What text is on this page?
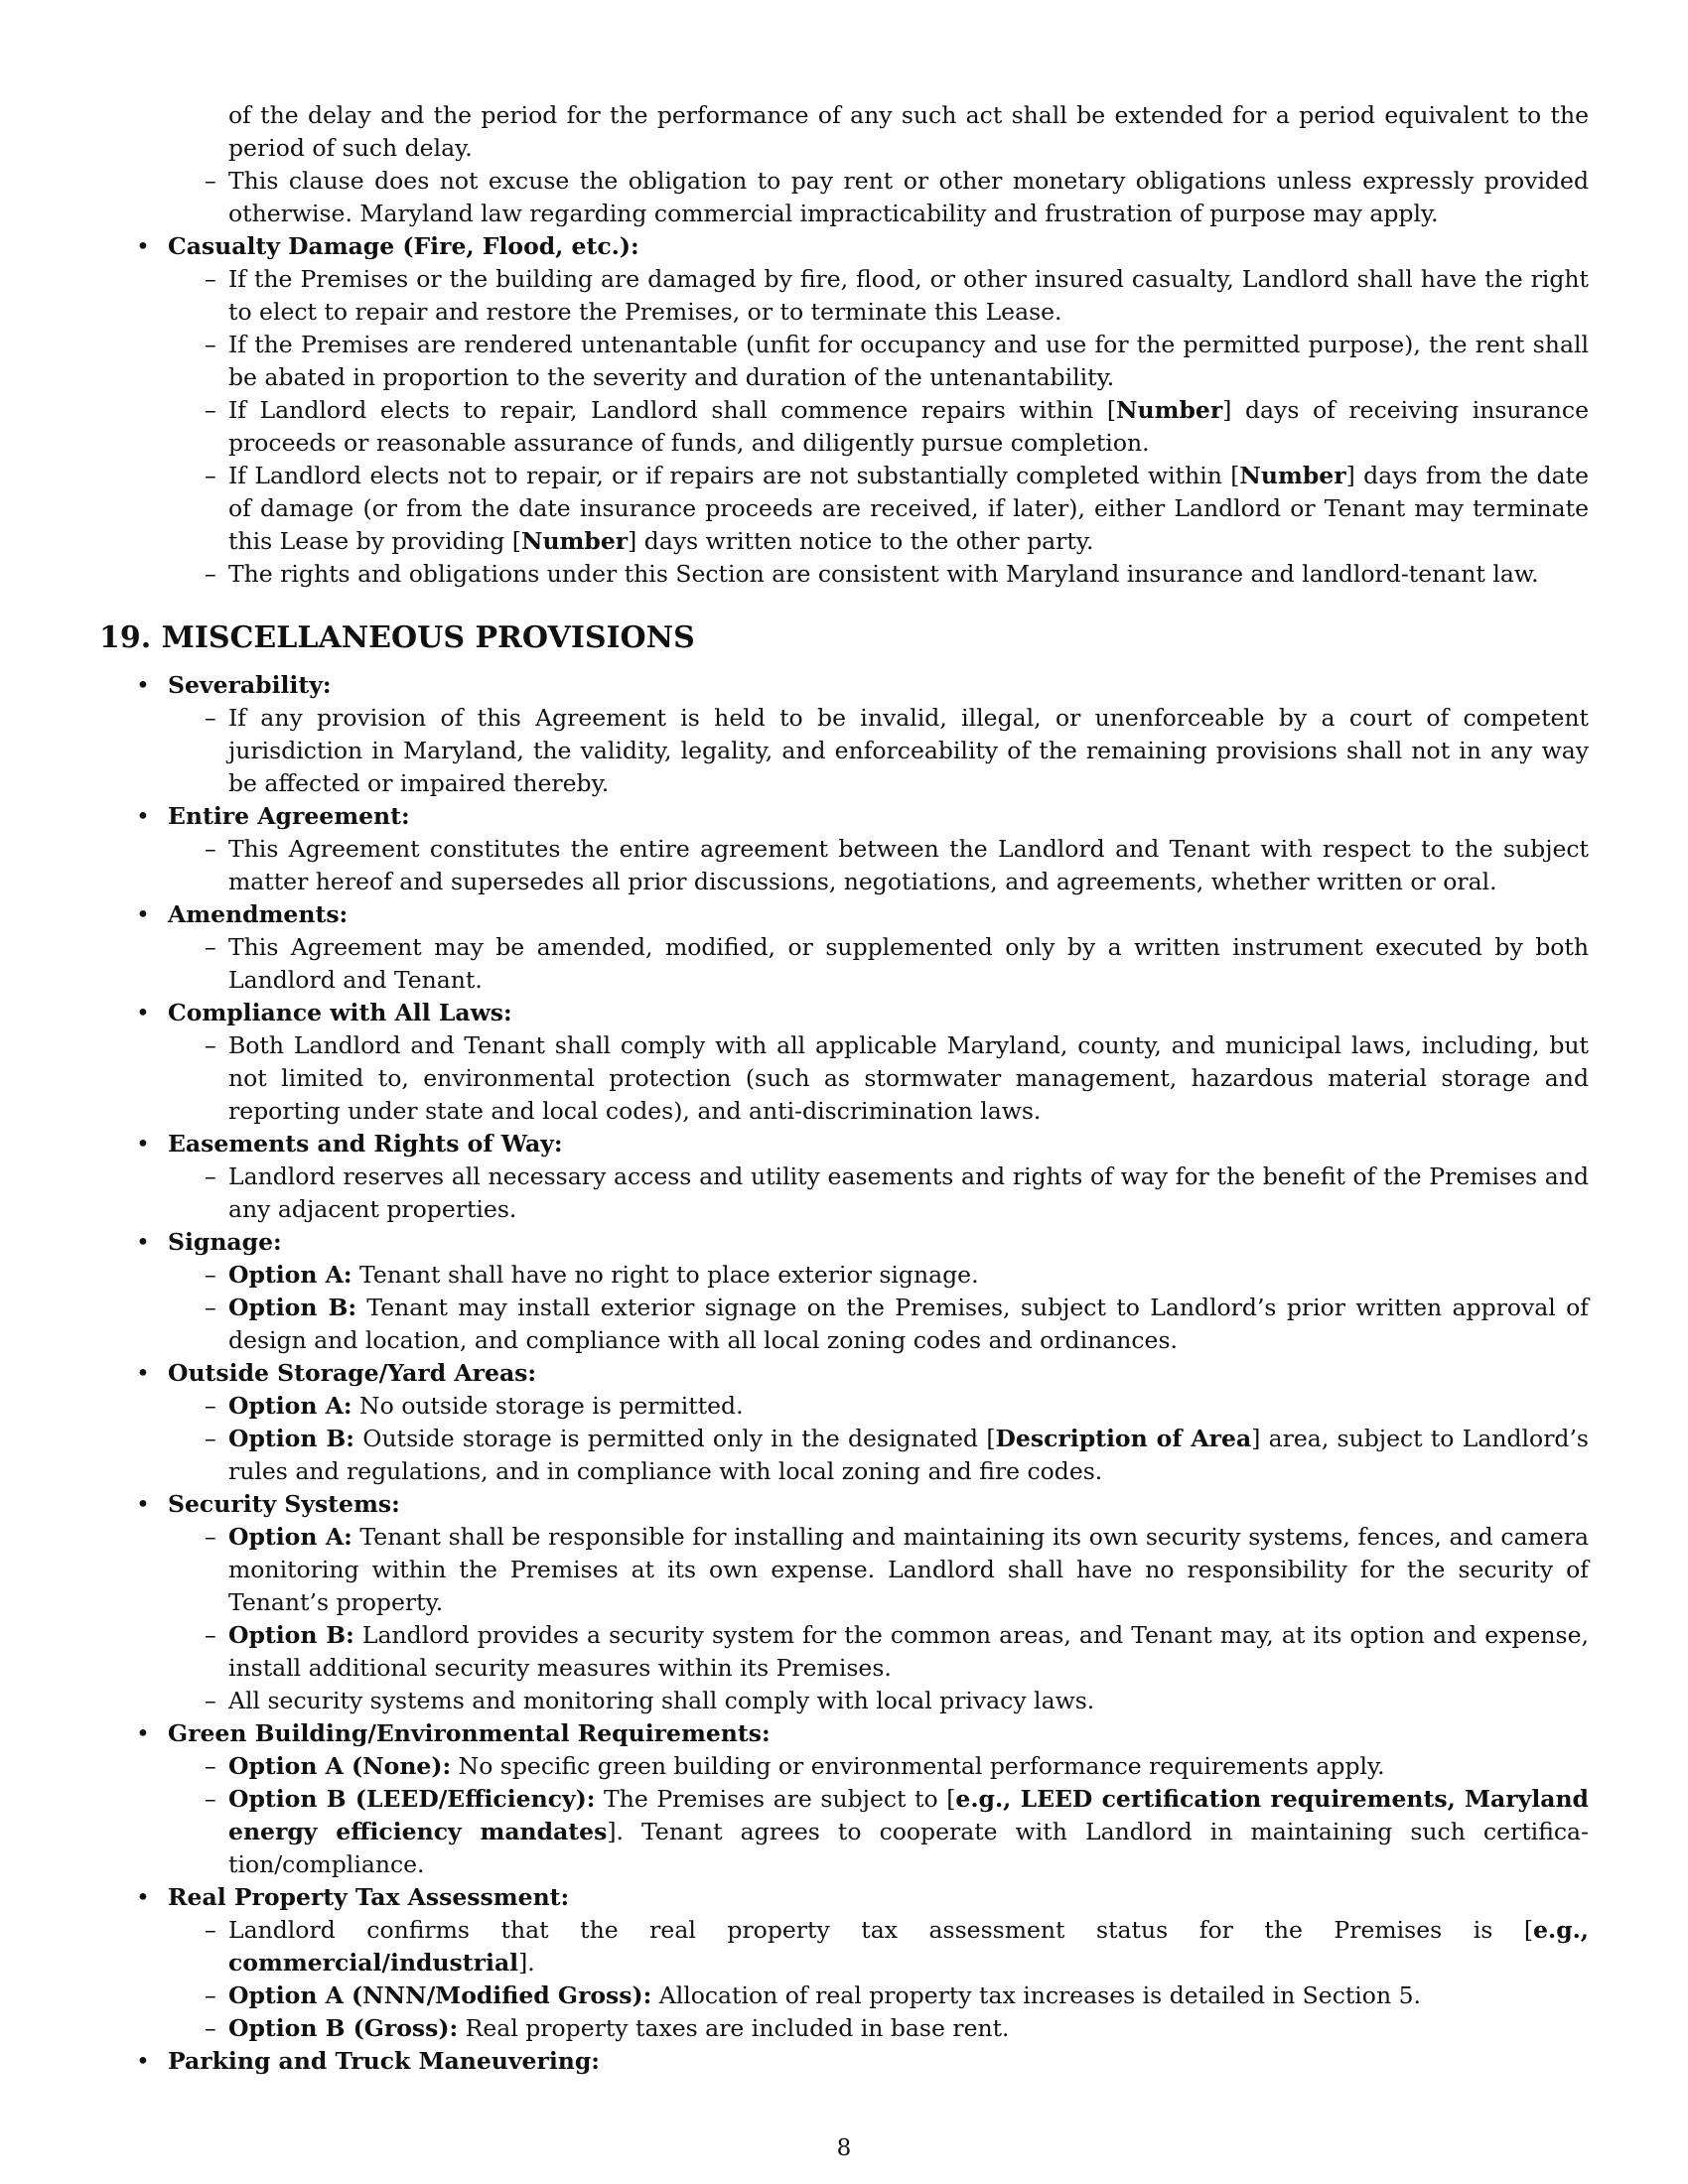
of the delay and the period for the performance of any such act shall be extended for a period equivalent to the period of such delay.
– This clause does not excuse the obligation to pay rent or other monetary obligations unless expressly provided otherwise. Maryland law regarding commercial impracticability and frustration of purpose may apply.
• Casualty Damage (Fire, Flood, etc.):
– If the Premises or the building are damaged by fire, flood, or other insured casualty, Landlord shall have the right to elect to repair and restore the Premises, or to terminate this Lease.
– If the Premises are rendered untenantable (unfit for occupancy and use for the permitted purpose), the rent shall be abated in proportion to the severity and duration of the untenantability.
– If Landlord elects to repair, Landlord shall commence repairs within [Number] days of receiving insurance proceeds or reasonable assurance of funds, and diligently pursue completion.
– If Landlord elects not to repair, or if repairs are not substantially completed within [Number] days from the date of damage (or from the date insurance proceeds are received, if later), either Landlord or Tenant may terminate this Lease by providing [Number] days written notice to the other party.
– The rights and obligations under this Section are consistent with Maryland insurance and landlord-tenant law.
19. MISCELLANEOUS PROVISIONS
• Severability:
– If any provision of this Agreement is held to be invalid, illegal, or unenforceable by a court of competent jurisdiction in Maryland, the validity, legality, and enforceability of the remaining provisions shall not in any way be affected or impaired thereby.
• Entire Agreement:
– This Agreement constitutes the entire agreement between the Landlord and Tenant with respect to the subject matter hereof and supersedes all prior discussions, negotiations, and agreements, whether written or oral.
• Amendments:
– This Agreement may be amended, modified, or supplemented only by a written instrument executed by both Landlord and Tenant.
• Compliance with All Laws:
– Both Landlord and Tenant shall comply with all applicable Maryland, county, and municipal laws, including, but not limited to, environmental protection (such as stormwater management, hazardous material storage and reporting under state and local codes), and anti-discrimination laws.
• Easements and Rights of Way:
– Landlord reserves all necessary access and utility easements and rights of way for the benefit of the Premises and any adjacent properties.
• Signage:
– Option A: Tenant shall have no right to place exterior signage.
– Option B: Tenant may install exterior signage on the Premises, subject to Landlord’s prior written approval of design and location, and compliance with all local zoning codes and ordinances.
• Outside Storage/Yard Areas:
– Option A: No outside storage is permitted.
– Option B: Outside storage is permitted only in the designated [Description of Area] area, subject to Landlord’s rules and regulations, and in compliance with local zoning and fire codes.
• Security Systems:
– Option A: Tenant shall be responsible for installing and maintaining its own security systems, fences, and camera monitoring within the Premises at its own expense. Landlord shall have no responsibility for the security of Tenant’s property.
– Option B: Landlord provides a security system for the common areas, and Tenant may, at its option and expense, install additional security measures within its Premises.
– All security systems and monitoring shall comply with local privacy laws.
• Green Building/Environmental Requirements:
– Option A (None): No specific green building or environmental performance requirements apply.
– Option B (LEED/Efficiency): The Premises are subject to [e.g., LEED certification requirements, Maryland energy efficiency mandates]. Tenant agrees to cooperate with Landlord in maintaining such certification/compliance.
• Real Property Tax Assessment:
– Landlord confirms that the real property tax assessment status for the Premises is [e.g., commercial/industrial].
– Option A (NNN/Modified Gross): Allocation of real property tax increases is detailed in Section 5.
– Option B (Gross): Real property taxes are included in base rent.
• Parking and Truck Maneuvering:
8
